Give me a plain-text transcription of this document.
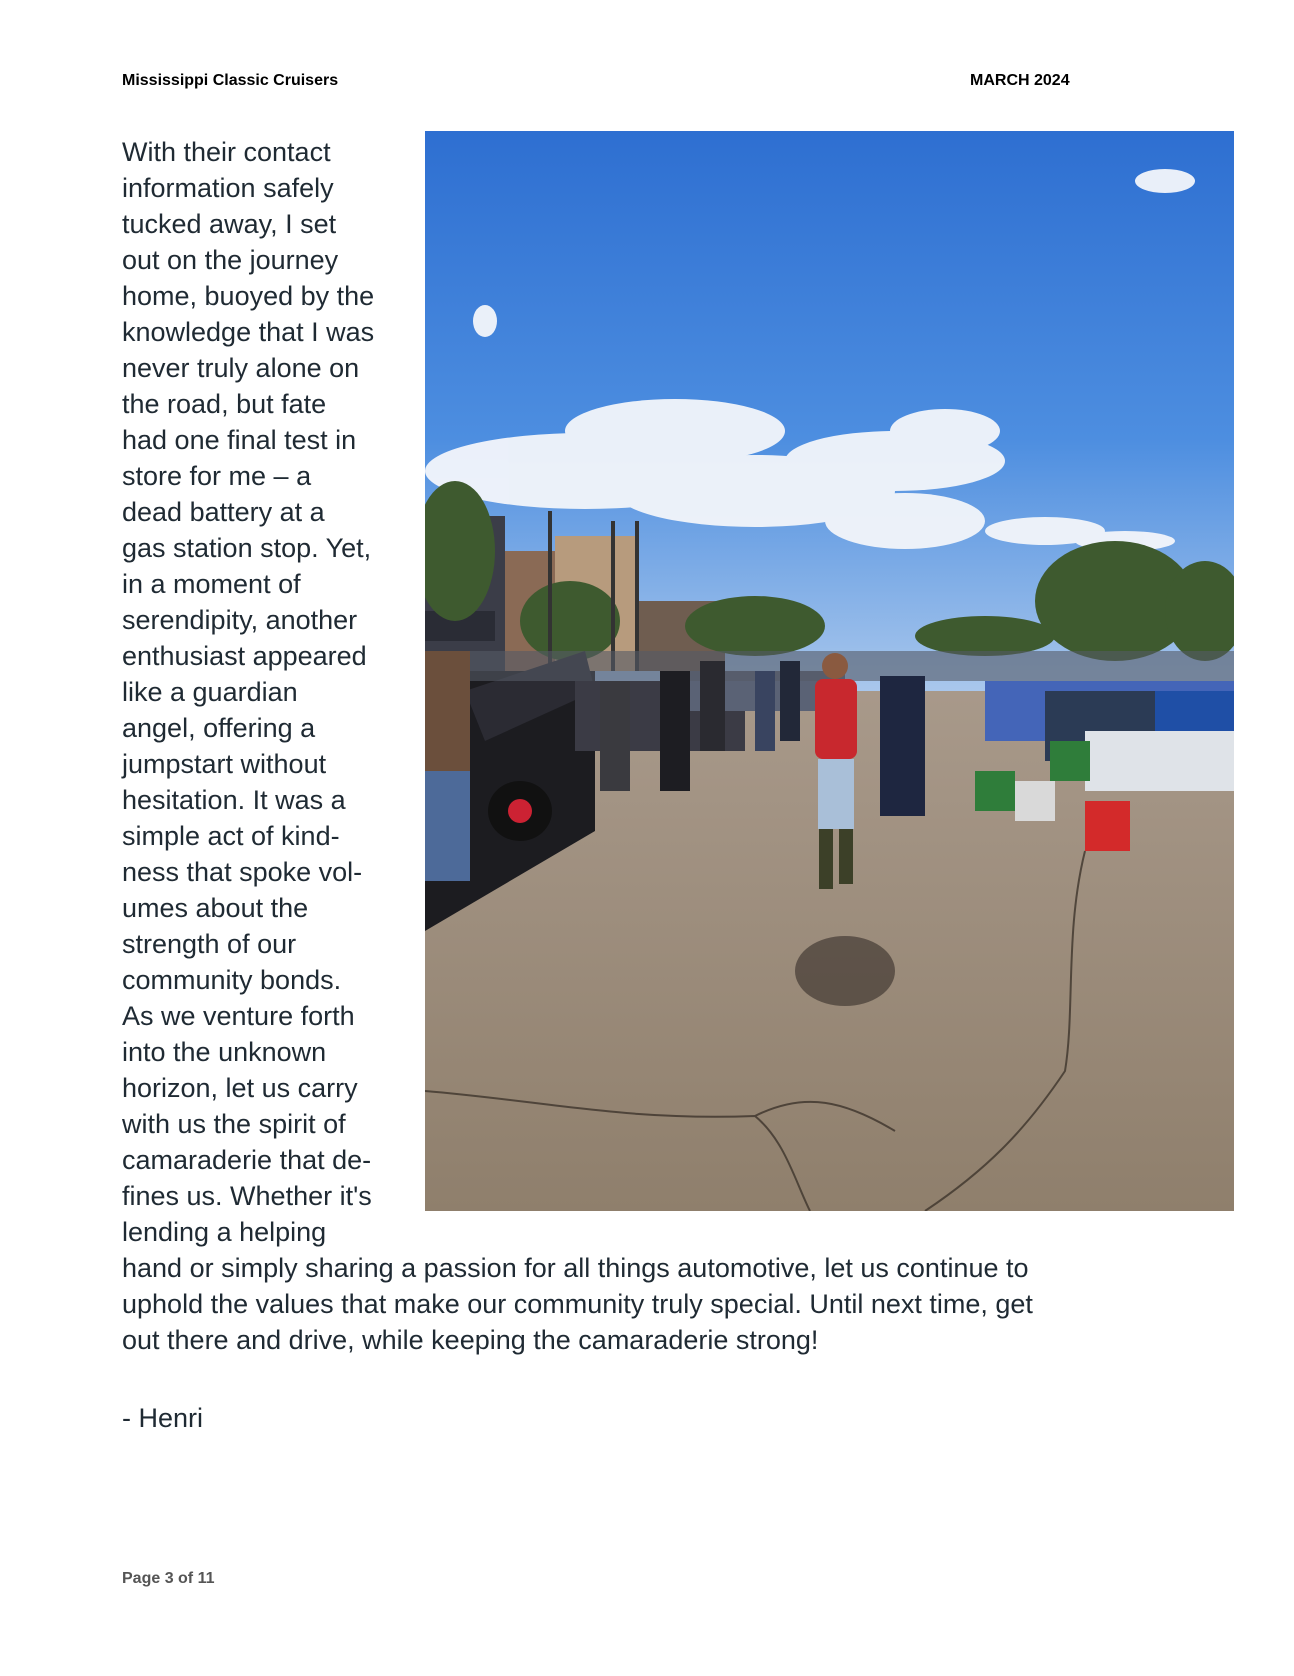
Mississippi Classic Cruisers	MARCH 2024
With their contact
information safely
tucked away, I set
out on the journey
home, buoyed by the
knowledge that I was
never truly alone on
the road, but fate
had one final test in
store for me – a
dead battery at a
gas station stop. Yet,
in a moment of
serendipity, another
enthusiast appeared
like a guardian
angel, offering a
jumpstart without
hesitation. It was a
simple act of kind-
ness that spoke vol-
umes about the
strength of our
community bonds.
As we venture forth
into the unknown
horizon, let us carry
with us the spirit of
camaraderie that de-
fines us. Whether it's
lending a helping
hand or simply sharing a passion for all things automotive, let us continue to
uphold the values that make our community truly special. Until next time, get
out there and drive, while keeping the camaraderie strong!
- Henri
Page 3 of 11
